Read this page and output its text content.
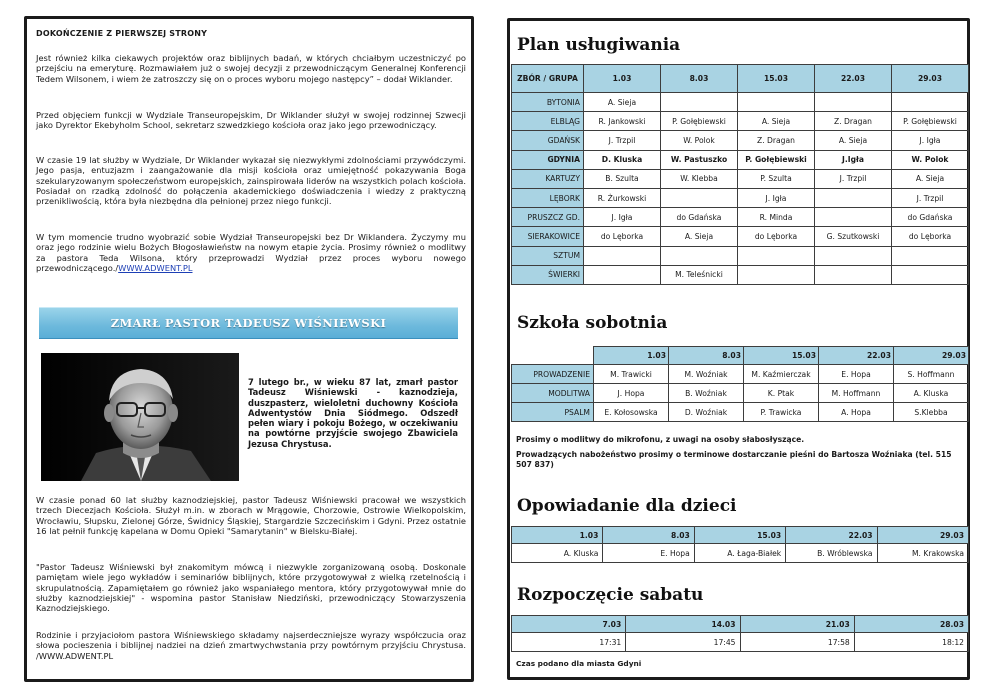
DOKOŃCZENIE Z PIERWSZEJ STRONY

Jest również kilka ciekawych projektów oraz biblijnych badań, w których chciałbym uczestniczyć po przejściu na emeryturę. Rozmawiałem już o swojej decyzji z przewodniczącym Generalnej Konferencji Tedem Wilsonem, i wiem że zatroszczy się on o proces wyboru mojego następcy” – dodał Wiklander.

Przed objęciem funkcji w Wydziale Transeuropejskim, Dr Wiklander służył w swojej rodzinnej Szwecji jako Dyrektor Ekebyholm School, sekretarz szwedzkiego kościoła oraz jako jego przewodniczący.

W czasie 19 lat służby w Wydziale, Dr Wiklander wykazał się niezwykłymi zdolnościami przywódczymi. Jego pasja, entuzjazm i zaangażowanie dla misji kościoła oraz umiejętność pokazywania Boga szekularyzowanym społeczeństwom europejskich, zainspirowała liderów na wszystkich polach kościoła. Posiadał on rzadką zdolność do połączenia akademickiego doświadczenia i wiedzy z praktyczną przenikliwością, która była niezbędna dla pełnionej przez niego funkcji.

W tym momencie trudno wyobrazić sobie Wydział Transeuropejski bez Dr Wiklandera. Życzymy mu oraz jego rodzinie wielu Bożych Błogosławieństw na nowym etapie życia. Prosimy również o modlitwy za pastora Teda Wilsona, który przeprowadzi Wydział przez proces wyboru nowego przewodniczącego./WWW.ADWENT.PL

ZMARŁ PASTOR TADEUSZ WIŚNIEWSKI

7 lutego br., w wieku 87 lat, zmarł pastor Tadeusz Wiśniewski - kaznodzieja, duszpasterz, wieloletni duchowny Kościoła Adwentystów Dnia Siódmego. Odszedł pełen wiary i pokoju Bożego, w oczekiwaniu na powtórne przyjście swojego Zbawiciela Jezusa Chrystusa.

W czasie ponad 60 lat służby kaznodziejskiej, pastor Tadeusz Wiśniewski pracował we wszystkich trzech Diecezjach Kościoła. Służył m.in. w zborach w Mrągowie, Chorzowie, Ostrowie Wielkopolskim, Wrocławiu, Słupsku, Zielonej Górze, Świdnicy Śląskiej, Stargardzie Szczecińskim i Gdyni. Przez ostatnie 16 lat pełnił funkcję kapelana w Domu Opieki "Samarytanin" w Bielsku-Białej.

"Pastor Tadeusz Wiśniewski był znakomitym mówcą i niezwykle zorganizowaną osobą. Doskonale pamiętam wiele jego wykładów i seminariów biblijnych, które przygotowywał z wielką rzetelnością i skrupulatnością. Zapamiętałem go również jako wspaniałego mentora, który przygotowywał mnie do służby kaznodziejskiej" - wspomina pastor Stanisław Niedziński, przewodniczący Stowarzyszenia Kaznodziejskiego.

Rodzinie i przyjaciołom pastora Wiśniewskiego składamy najserdeczniejsze wyrazy współczucia oraz słowa pocieszenia i biblijnej nadziei na dzień zmartwychwstania przy powtórnym przyjściu Chrystusa. /WWW.ADWENT.PL

Plan usługiwania
ZBÓR / GRUPA	1.03	8.03	15.03	22.03	29.03
BYTONIA	A. Sieja				
ELBLĄG	R. Jankowski	P. Gołębiewski	A. Sieja	Z. Dragan	P. Gołębiewski
GDAŃSK	J. Trzpil	W. Polok	Z. Dragan	A. Sieja	J. Igła
GDYNIA	D. Kluska	W. Pastuszko	P. Gołębiewski	J.Igła	W. Polok
KARTUZY	B. Szulta	W. Klebba	P. Szulta	J. Trzpil	A. Sieja
LĘBORK	R. Żurkowski		J. Igła		J. Trzpil
PRUSZCZ GD.	J. Igła	do Gdańska	R. Minda		do Gdańska
SIERAKOWICE	do Lęborka	A. Sieja	do Lęborka	G. Szutkowski	do Lęborka
SZTUM					
ŚWIERKI		M. Teleśnicki			
Szkoła sobotnia
	1.03	8.03	15.03	22.03	29.03
PROWADZENIE	M. Trawicki	M. Woźniak	M. Kaźmierczak	E. Hopa	S. Hoffmann
MODLITWA	J. Hopa	B. Woźniak	K. Ptak	M. Hoffmann	A. Kluska
PSALM	E. Kołosowska	D. Woźniak	P. Trawicka	A. Hopa	S.Klebba

Prosimy o modlitwy do mikrofonu, z uwagi na osoby słabosłyszące.

Prowadzących nabożeństwo prosimy o terminowe dostarczanie pieśni do Bartosza Woźniaka (tel. 515 507 837)

Opowiadanie dla dzieci
1.03	8.03	15.03	22.03	29.03
A. Kluska	E. Hopa	A. Łaga-Białek	B. Wróblewska	M. Krakowska
Rozpoczęcie sabatu
7.03	14.03	21.03	28.03
17:31	17:45	17:58	18:12

Czas podano dla miasta Gdyni
